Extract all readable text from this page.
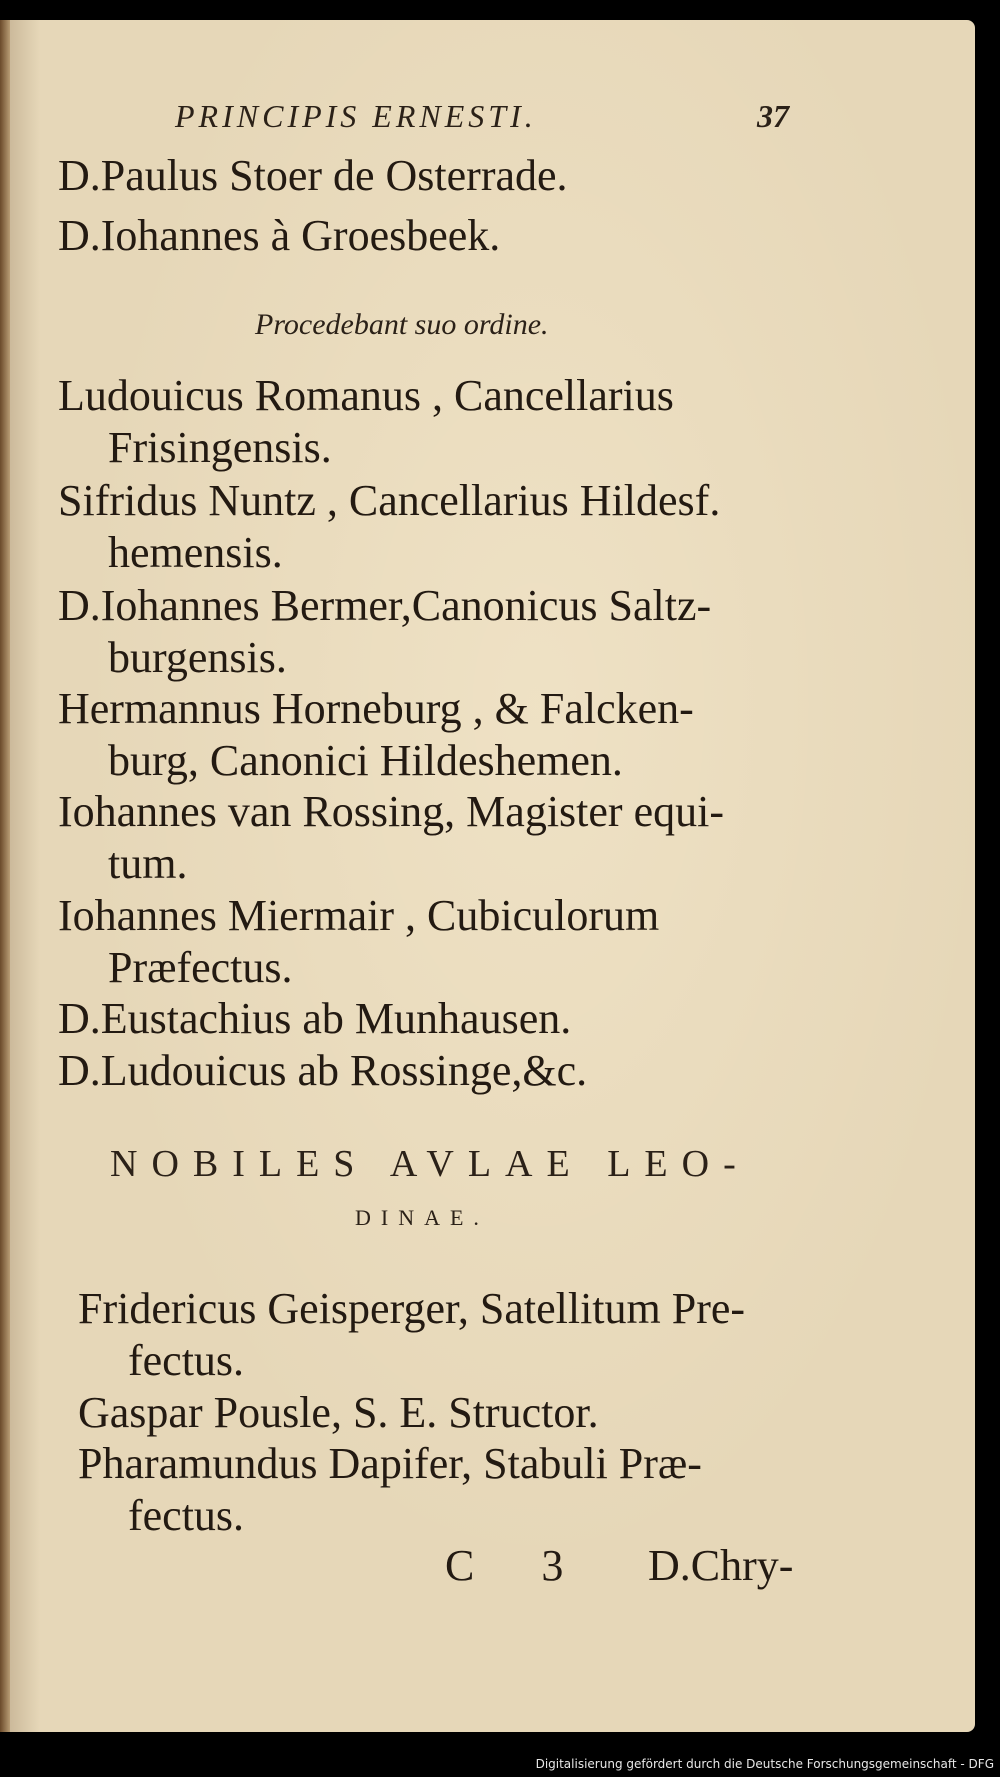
PRINCIPIS ERNESTI.	37
D.Paulus Stoer de Osterrade.
D.Iohannes à Groesbeek.
Procedebant suo ordine.
Ludouicus Romanus , Cancellarius
Frisingensis.
Sifridus Nuntz , Cancellarius Hildesf.
hemensis.
D.Iohannes Bermer,Canonicus Saltz-
burgensis.
Hermannus Horneburg , & Falcken-
burg, Canonici Hildeshemen.
Iohannes van Rossing, Magister equi-
tum.
Iohannes Miermair , Cubiculorum
Præfectus.
D.Eustachius ab Munhausen.
D.Ludouicus ab Rossinge,&c.
NOBILES AVLAE LEO-
DINAE.
Fridericus Geisperger, Satellitum Pre-
fectus.
Gaspar Pousle, S. E. Structor.
Pharamundus Dapifer, Stabuli Præ-
fectus.
C 3 D.Chry-
Digitalisierung gefördert durch die Deutsche Forschungsgemeinschaft - DFG
